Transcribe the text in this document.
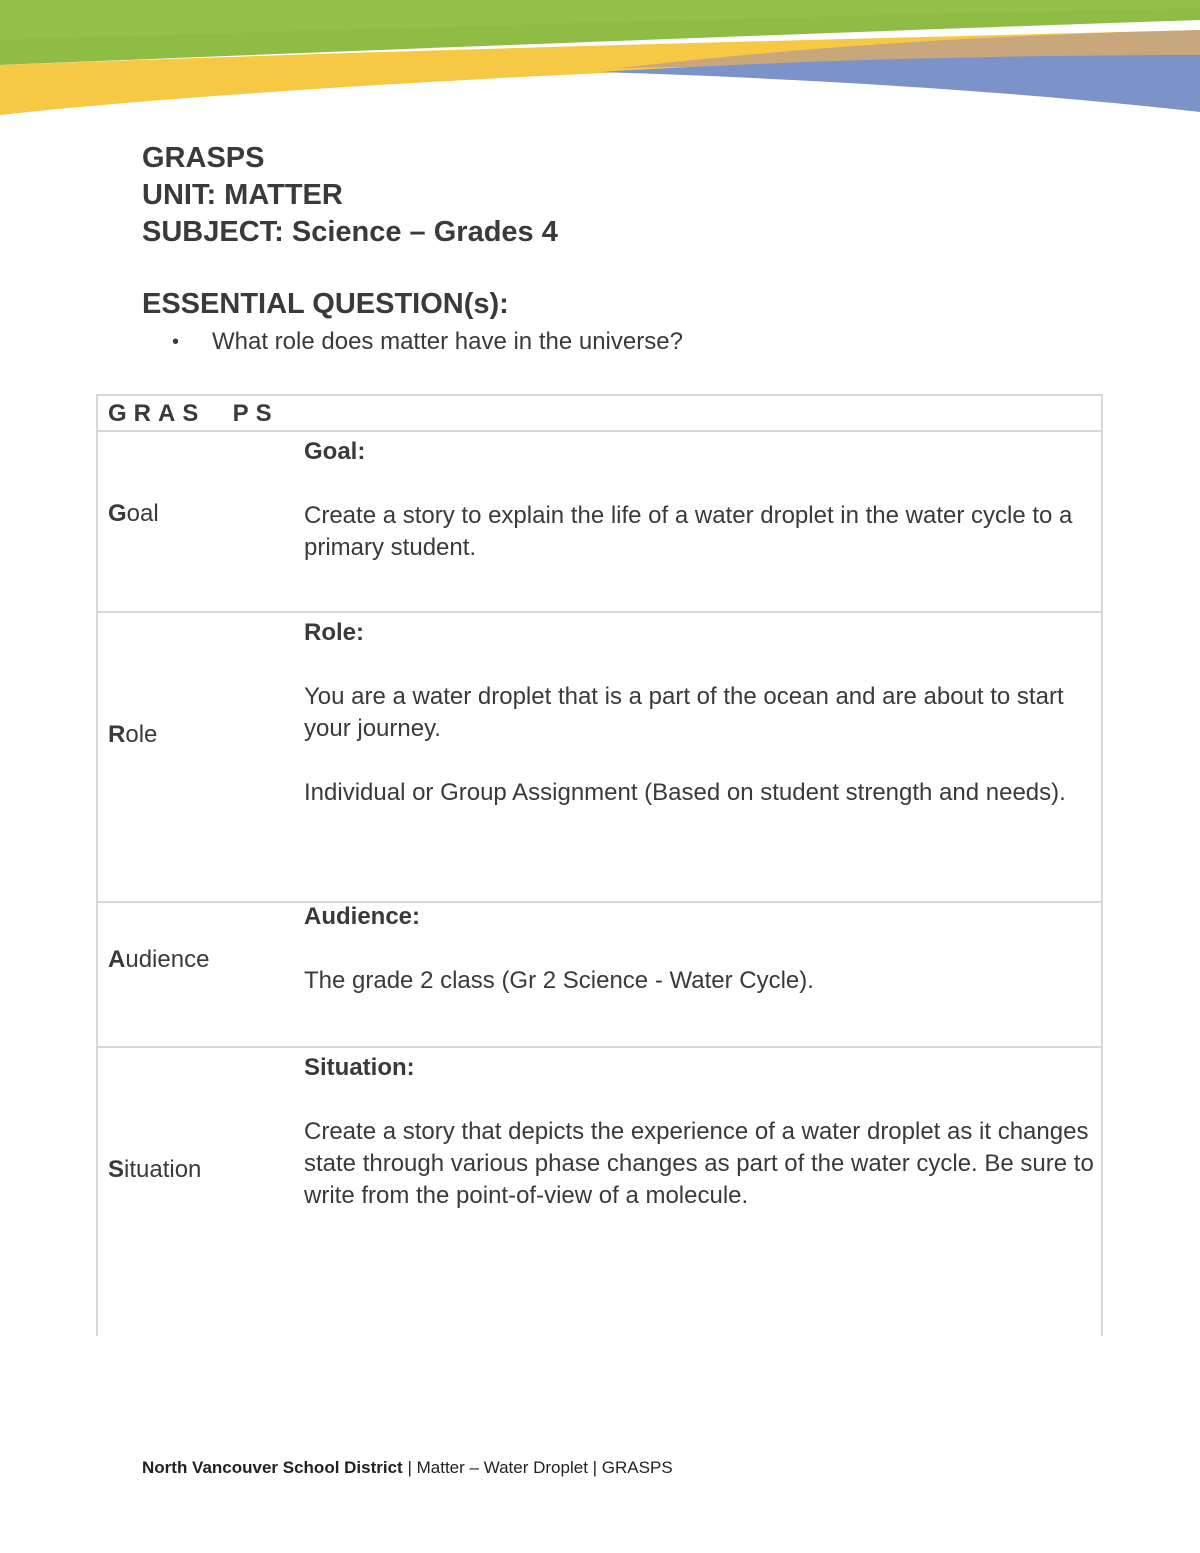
GRASPS
UNIT: MATTER
SUBJECT: Science – Grades 4
ESSENTIAL QUESTION(s):
•	What role does matter have in the universe?
GRAS  PS
Goal
Goal:
Create a story to explain the life of a water droplet in the water cycle to a primary student.
Role
Role:
You are a water droplet that is a part of the ocean and are about to start your journey.
Individual or Group Assignment (Based on student strength and needs).
Audience
Audience:
The grade 2 class (Gr 2 Science - Water Cycle).
Situation
Situation:
Create a story that depicts the experience of a water droplet as it changes state through various phase changes as part of the water cycle. Be sure to write from the point-of-view of a molecule.
North Vancouver School District | Matter – Water Droplet | GRASPS
